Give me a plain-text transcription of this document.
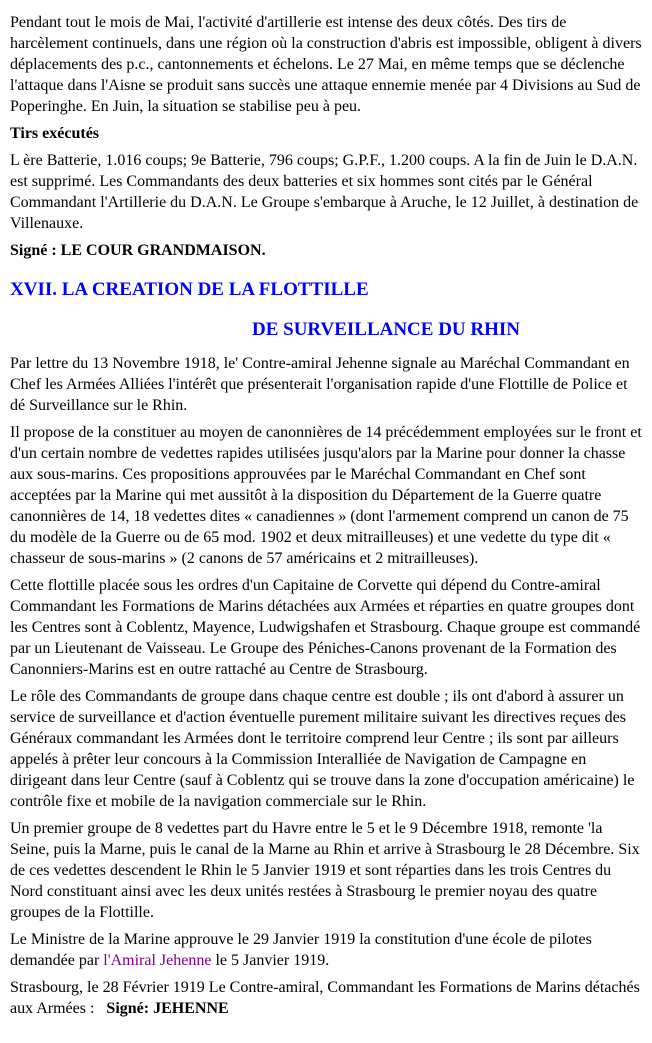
Pendant tout le mois de Mai, l'activité d'artillerie est intense des deux côtés. Des tirs de harcèlement continuels, dans une région où la construction d'abris est impossible, obligent à divers déplacements des p.c., cantonnements et échelons. Le 27 Mai, en même temps que se déclenche l'attaque dans l'Aisne se produit sans succès une attaque ennemie menée par 4 Divisions au Sud de Poperinghe. En Juin, la situation se stabilise peu à peu.

Tirs exécutés

L ère Batterie, 1.016 coups; 9e Batterie, 796 coups; G.P.F., 1.200 coups. A la fin de Juin le D.A.N. est supprimé. Les Commandants des deux batteries et six hommes sont cités par le Général Commandant l'Artillerie du D.A.N. Le Groupe s'embarque à Aruche, le 12 Juillet, à destination de Villenauxe.

Signé : LE COUR GRANDMAISON.

XVII. LA CREATION DE LA FLOTTILLE
DE SURVEILLANCE DU RHIN

Par lettre du 13 Novembre 1918, le' Contre-amiral Jehenne signale au Maréchal Commandant en Chef les Armées Alliées l'intérêt que présenterait l'organisation rapide d'une Flottille de Police et dé Surveillance sur le Rhin.

Il propose de la constituer au moyen de canonnières de 14 précédemment employées sur le front et d'un certain nombre de vedettes rapides utilisées jusqu'alors par la Marine pour donner la chasse aux sous-marins. Ces propositions approuvées par le Maréchal Commandant en Chef sont acceptées par la Marine qui met aussitôt à la disposition du Département de la Guerre quatre canonnières de 14, 18 vedettes dites « canadiennes » (dont l'armement comprend un canon de 75 du modèle de la Guerre ou de 65 mod. 1902 et deux mitrailleuses) et une vedette du type dit « chasseur de sous-marins » (2 canons de 57 américains et 2 mitrailleuses).

Cette flottille placée sous les ordres d'un Capitaine de Corvette qui dépend du Contre-amiral Commandant les Formations de Marins détachées aux Armées et réparties en quatre groupes dont les Centres sont à Coblentz, Mayence, Ludwigshafen et Strasbourg. Chaque groupe est commandé par un Lieutenant de Vaisseau. Le Groupe des Péniches-Canons provenant de la Formation des Canonniers-Marins est en outre rattaché au Centre de Strasbourg.

Le rôle des Commandants de groupe dans chaque centre est double ; ils ont d'abord à assurer un service de surveillance et d'action éventuelle purement militaire suivant les directives reçues des Généraux commandant les Armées dont le territoire comprend leur Centre ; ils sont par ailleurs appelés à prêter leur concours à la Commission Interalliée de Navigation de Campagne en dirigeant dans leur Centre (sauf à Coblentz qui se trouve dans la zone d'occupation américaine) le contrôle fixe et mobile de la navigation commerciale sur le Rhin.

Un premier groupe de 8 vedettes part du Havre entre le 5 et le 9 Décembre 1918, remonte 'la Seine, puis la Marne, puis le canal de la Marne au Rhin et arrive à Strasbourg le 28 Décembre. Six de ces vedettes descendent le Rhin le 5 Janvier 1919 et sont réparties dans les trois Centres du Nord constituant ainsi avec les deux unités restées à Strasbourg le premier noyau des quatre groupes de la Flottille.

Le Ministre de la Marine approuve le 29 Janvier 1919 la constitution d'une école de pilotes demandée par l'Amiral Jehenne le 5 Janvier 1919.

Strasbourg, le 28 Février 1919 Le Contre-amiral, Commandant les Formations de Marins détachés aux Armées :   Signé: JEHENNE
